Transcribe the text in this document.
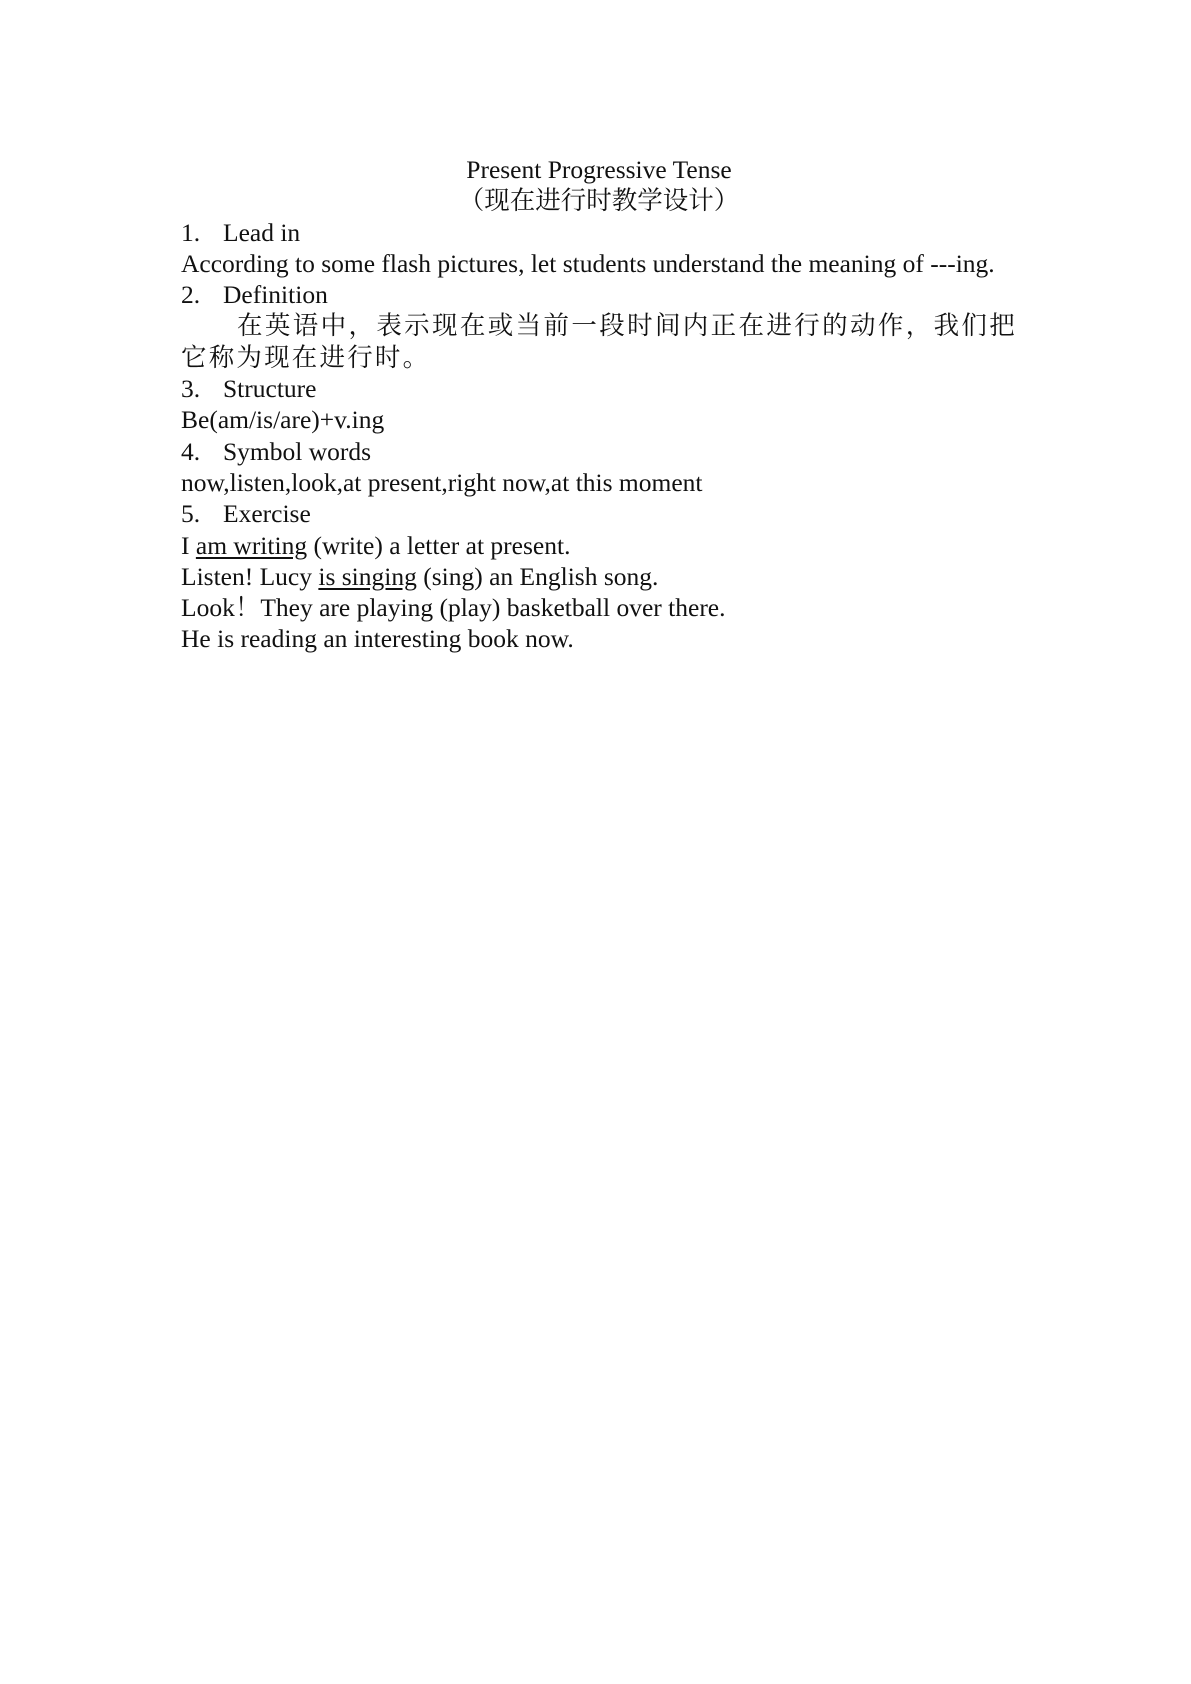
Present Progressive Tense
（现在进行时教学设计）
1. Lead in
According to some flash pictures, let students understand the meaning of ---ing.
2. Definition
在英语中，表示现在或当前一段时间内正在进行的动作，我们把它称为现在进行时。
3. Structure
Be(am/is/are)+v.ing
4. Symbol words
now,listen,look,at present,right now,at this moment
5. Exercise
I am writing (write) a letter at present.
Listen! Lucy is singing (sing) an English song.
Look！They are playing (play) basketball over there.
He is reading an interesting book now.
